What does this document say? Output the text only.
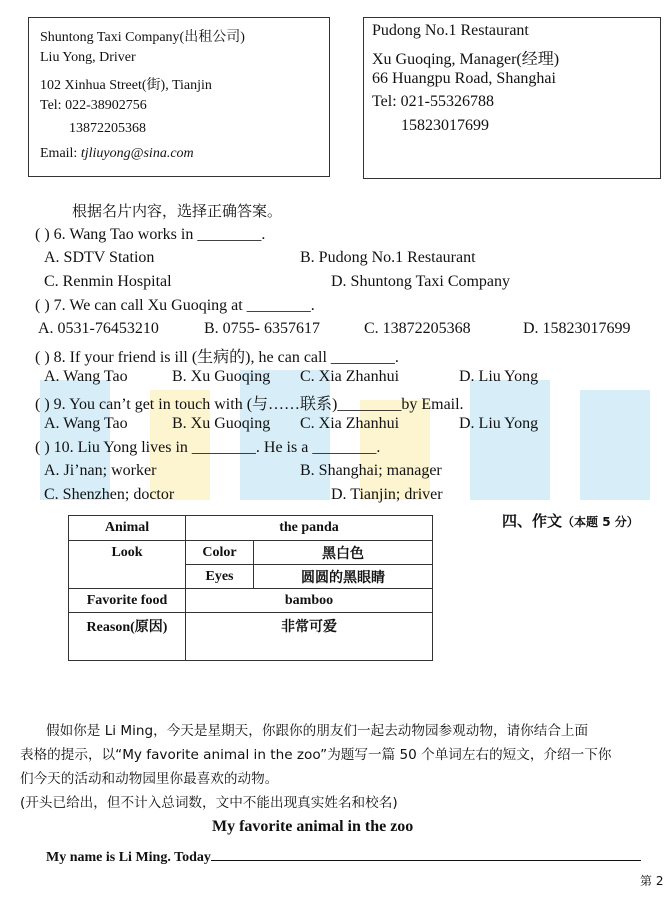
Shuntong Taxi Company(出租公司)
Liu Yong, Driver
102 Xinhua Street(街), Tianjin
Tel: 022-38902756
13872205368
Email: tjliuyong@sina.com
Pudong No.1 Restaurant
Xu Guoqing, Manager(经理)
66 Huangpu Road, Shanghai
Tel: 021-55326788
15823017699
根据名片内容，选择正确答案。
( ) 6. Wang Tao works in ________.
A. SDTV Station	B. Pudong No.1 Restaurant
C. Renmin Hospital	D. Shuntong Taxi Company
( ) 7. We can call Xu Guoqing at ________.
A. 0531-76453210	B. 0755- 6357617	C. 13872205368	D. 15823017699
( ) 8. If your friend is ill (生病的), he can call ________.
A. Wang Tao	B. Xu Guoqing C. Xia Zhanhui	D. Liu Yong
( ) 9. You can’t get in touch with (与……联系)________by Email.
A. Wang Tao	B. Xu Guoqing C. Xia Zhanhui	D. Liu Yong
( ) 10. Liu Yong lives in ________. He is a ________.
A. Ji’nan; worker	B. Shanghai; manager
C. Shenzhen; doctor	D. Tianjin; driver
四、作文（本题 5 分）
Animal	the panda	
Look	Color	黑白色
	Eyes	圆圆的黑眼睛
Favorite food	bamboo	
Reason(原因)	非常可爱	
假如你是 Li Ming，今天是星期天，你跟你的朋友们一起去动物园参观动物，请你结合上面
表格的提示，以“My favorite animal in the zoo”为题写一篇 50 个单词左右的短文，介绍一下你
们今天的活动和动物园里你最喜欢的动物。
(开头已给出，但不计入总词数，文中不能出现真实姓名和校名)
My favorite animal in the zoo
My name is Li Ming. Today
第 2
